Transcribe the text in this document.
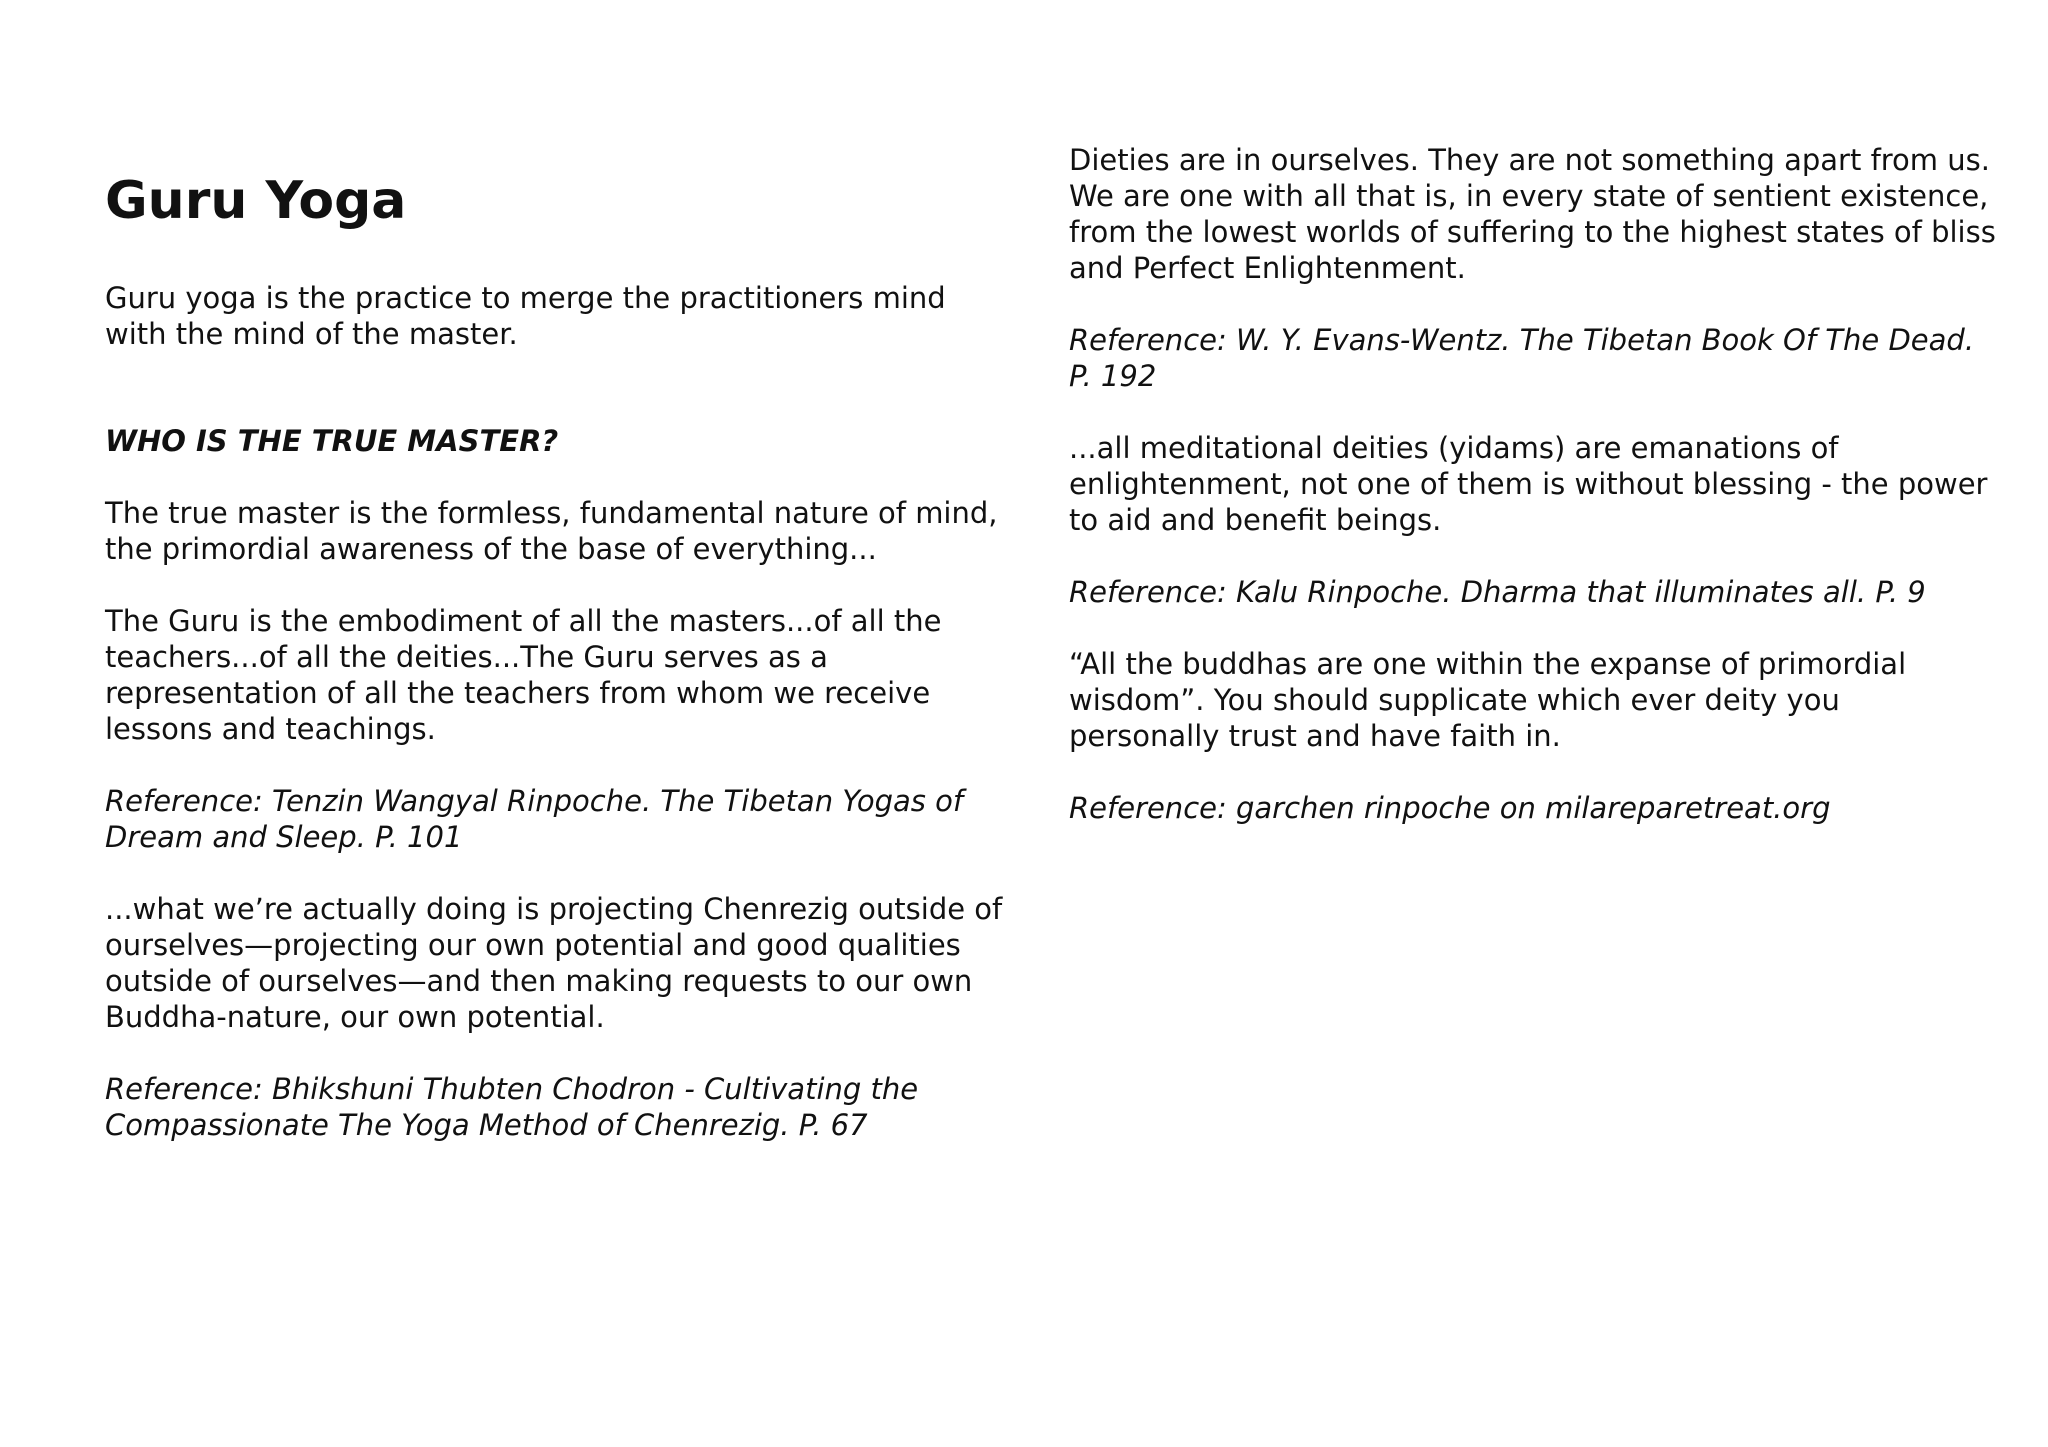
Guru Yoga

Guru yoga is the practice to merge the practitioners mind with the mind of the master.

WHO IS THE TRUE MASTER?

The true master is the formless, fundamental nature of mind, the primordial awareness of the base of everything...

The Guru is the embodiment of all the masters...of all the teachers...of all the deities...The Guru serves as a representation of all the teachers from whom we receive lessons and teachings.

Reference: Tenzin Wangyal Rinpoche. The Tibetan Yogas of Dream and Sleep. P. 101

...what we’re actually doing is projecting Chenrezig outside of ourselves—projecting our own potential and good qualities outside of ourselves—and then making requests to our own Buddha-nature, our own potential.

Reference: Bhikshuni Thubten Chodron - Cultivating the Compassionate The Yoga Method of Chenrezig. P. 67

Dieties are in ourselves. They are not something apart from us. We are one with all that is, in every state of sentient existence, from the lowest worlds of suffering to the highest states of bliss and Perfect Enlightenment.

Reference: W. Y. Evans-Wentz. The Tibetan Book Of The Dead. P. 192

...all meditational deities (yidams) are emanations of enlightenment, not one of them is without blessing - the power to aid and benefit beings.

Reference: Kalu Rinpoche. Dharma that illuminates all. P. 9

“All the buddhas are one within the expanse of primordial wisdom”. You should supplicate which ever deity you personally trust and have faith in.

Reference: garchen rinpoche on milareparetreat.org
